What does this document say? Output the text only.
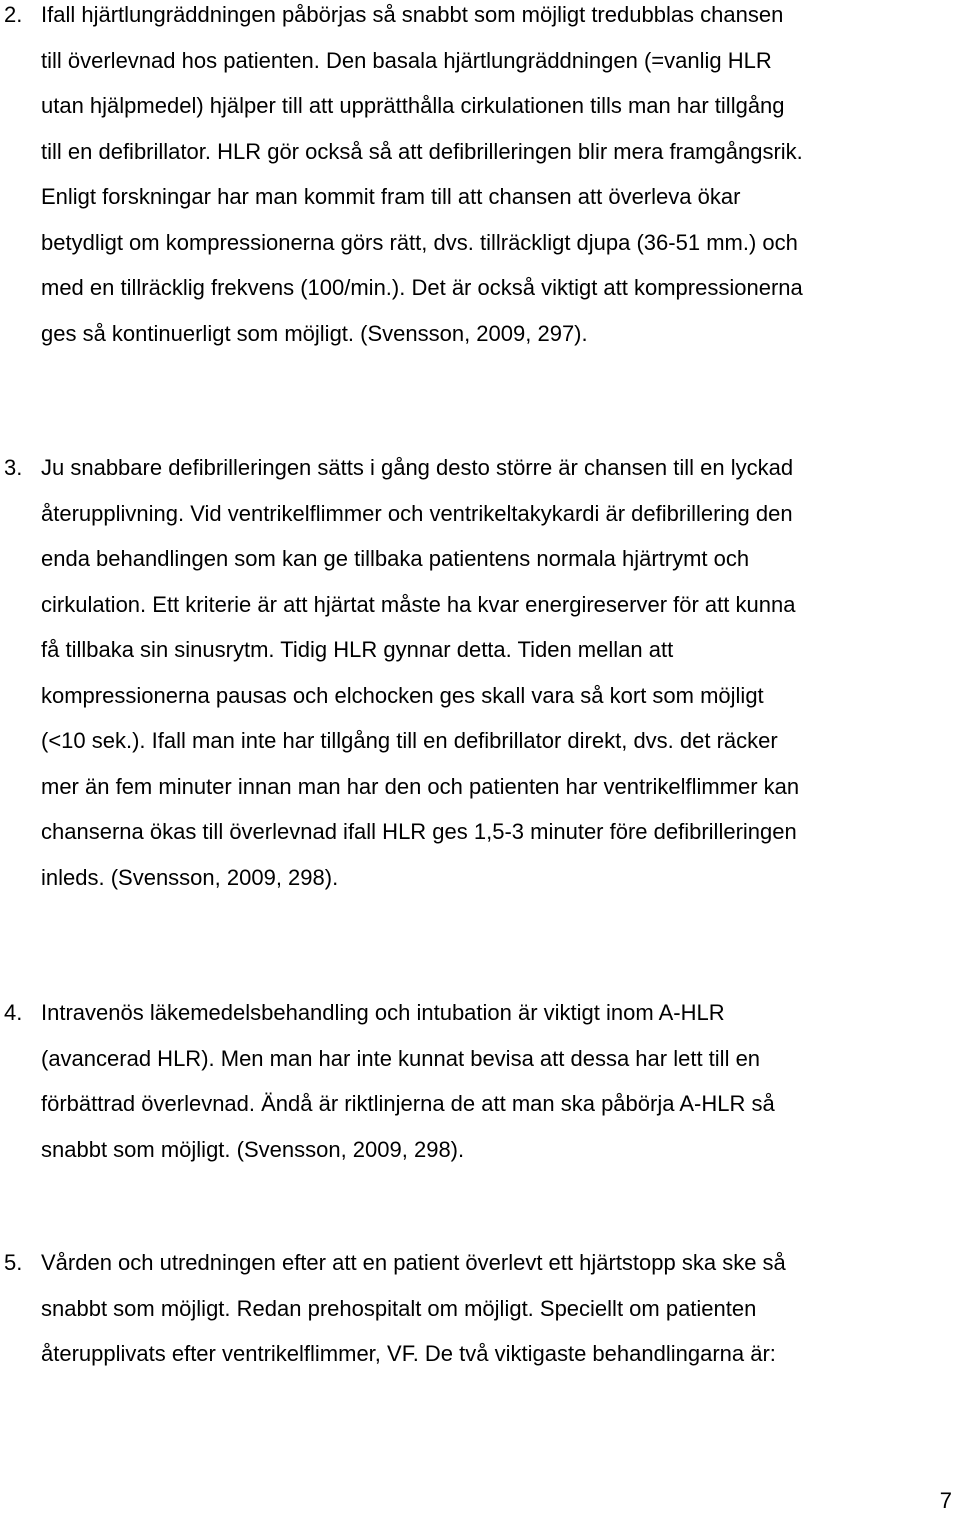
2. Ifall hjärtlungräddningen påbörjas så snabbt som möjligt tredubblas chansen
till överlevnad hos patienten. Den basala hjärtlungräddningen (=vanlig HLR
utan hjälpmedel) hjälper till att upprätthålla cirkulationen tills man har tillgång
till en defibrillator. HLR gör också så att defibrilleringen blir mera framgångsrik.
Enligt forskningar har man kommit fram till att chansen att överleva ökar
betydligt om kompressionerna görs rätt, dvs. tillräckligt djupa (36-51 mm.) och
med en tillräcklig frekvens (100/min.). Det är också viktigt att kompressionerna
ges så kontinuerligt som möjligt. (Svensson, 2009, 297).
3. Ju snabbare defibrilleringen sätts i gång desto större är chansen till en lyckad
återupplivning. Vid ventrikelflimmer och ventrikeltakykardi är defibrillering den
enda behandlingen som kan ge tillbaka patientens normala hjärtrymt och
cirkulation. Ett kriterie är att hjärtat måste ha kvar energireserver för att kunna
få tillbaka sin sinusrytm. Tidig HLR gynnar detta. Tiden mellan att
kompressionerna pausas och elchocken ges skall vara så kort som möjligt
(<10 sek.). Ifall man inte har tillgång till en defibrillator direkt, dvs. det räcker
mer än fem minuter innan man har den och patienten har ventrikelflimmer kan
chanserna ökas till överlevnad ifall HLR ges 1,5-3 minuter före defibrilleringen
inleds. (Svensson, 2009, 298).
4. Intravenös läkemedelsbehandling och intubation är viktigt inom A-HLR
(avancerad HLR). Men man har inte kunnat bevisa att dessa har lett till en
förbättrad överlevnad. Ändå är riktlinjerna de att man ska påbörja A-HLR så
snabbt som möjligt. (Svensson, 2009, 298).
5. Vården och utredningen efter att en patient överlevt ett hjärtstopp ska ske så
snabbt som möjligt. Redan prehospitalt om möjligt. Speciellt om patienten
återupplivats efter ventrikelflimmer, VF. De två viktigaste behandlingarna är:
7
